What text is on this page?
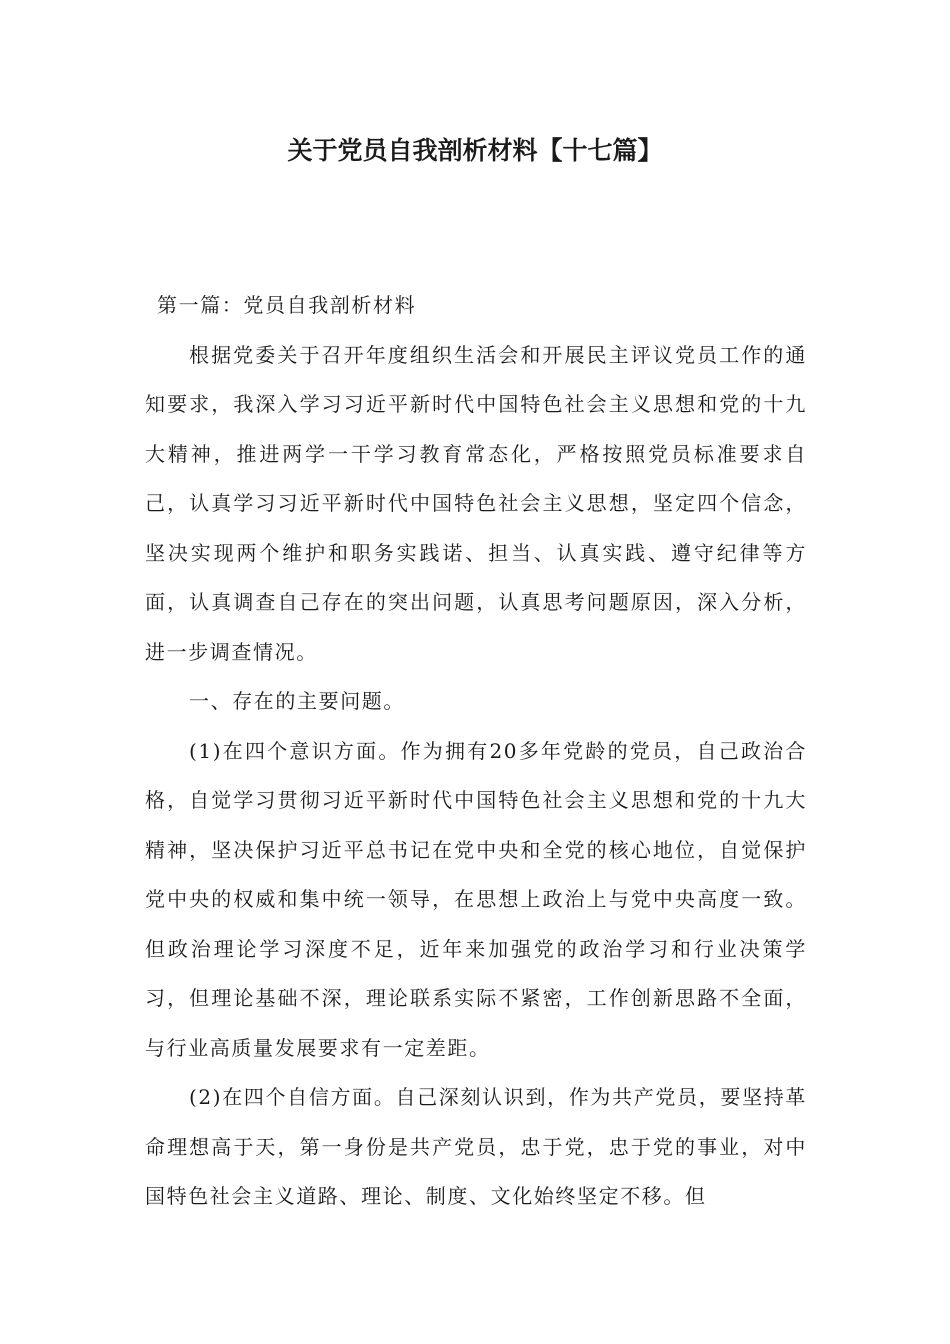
关于党员自我剖析材料【十七篇】

第一篇：党员自我剖析材料

根据党委关于召开年度组织生活会和开展民主评议党员工作的通知要求，我深入学习习近平新时代中国特色社会主义思想和党的十九大精神，推进两学一干学习教育常态化，严格按照党员标准要求自己，认真学习习近平新时代中国特色社会主义思想，坚定四个信念，坚决实现两个维护和职务实践诺、担当、认真实践、遵守纪律等方面，认真调查自己存在的突出问题，认真思考问题原因，深入分析，进一步调查情况。

一、存在的主要问题。

(1)在四个意识方面。作为拥有20多年党龄的党员，自己政治合格，自觉学习贯彻习近平新时代中国特色社会主义思想和党的十九大精神，坚决保护习近平总书记在党中央和全党的核心地位，自觉保护党中央的权威和集中统一领导，在思想上政治上与党中央高度一致。但政治理论学习深度不足，近年来加强党的政治学习和行业决策学习，但理论基础不深，理论联系实际不紧密，工作创新思路不全面，与行业高质量发展要求有一定差距。

(2)在四个自信方面。自己深刻认识到，作为共产党员，要坚持革命理想高于天，第一身份是共产党员，忠于党，忠于党的事业，对中国特色社会主义道路、理论、制度、文化始终坚定不移。但
